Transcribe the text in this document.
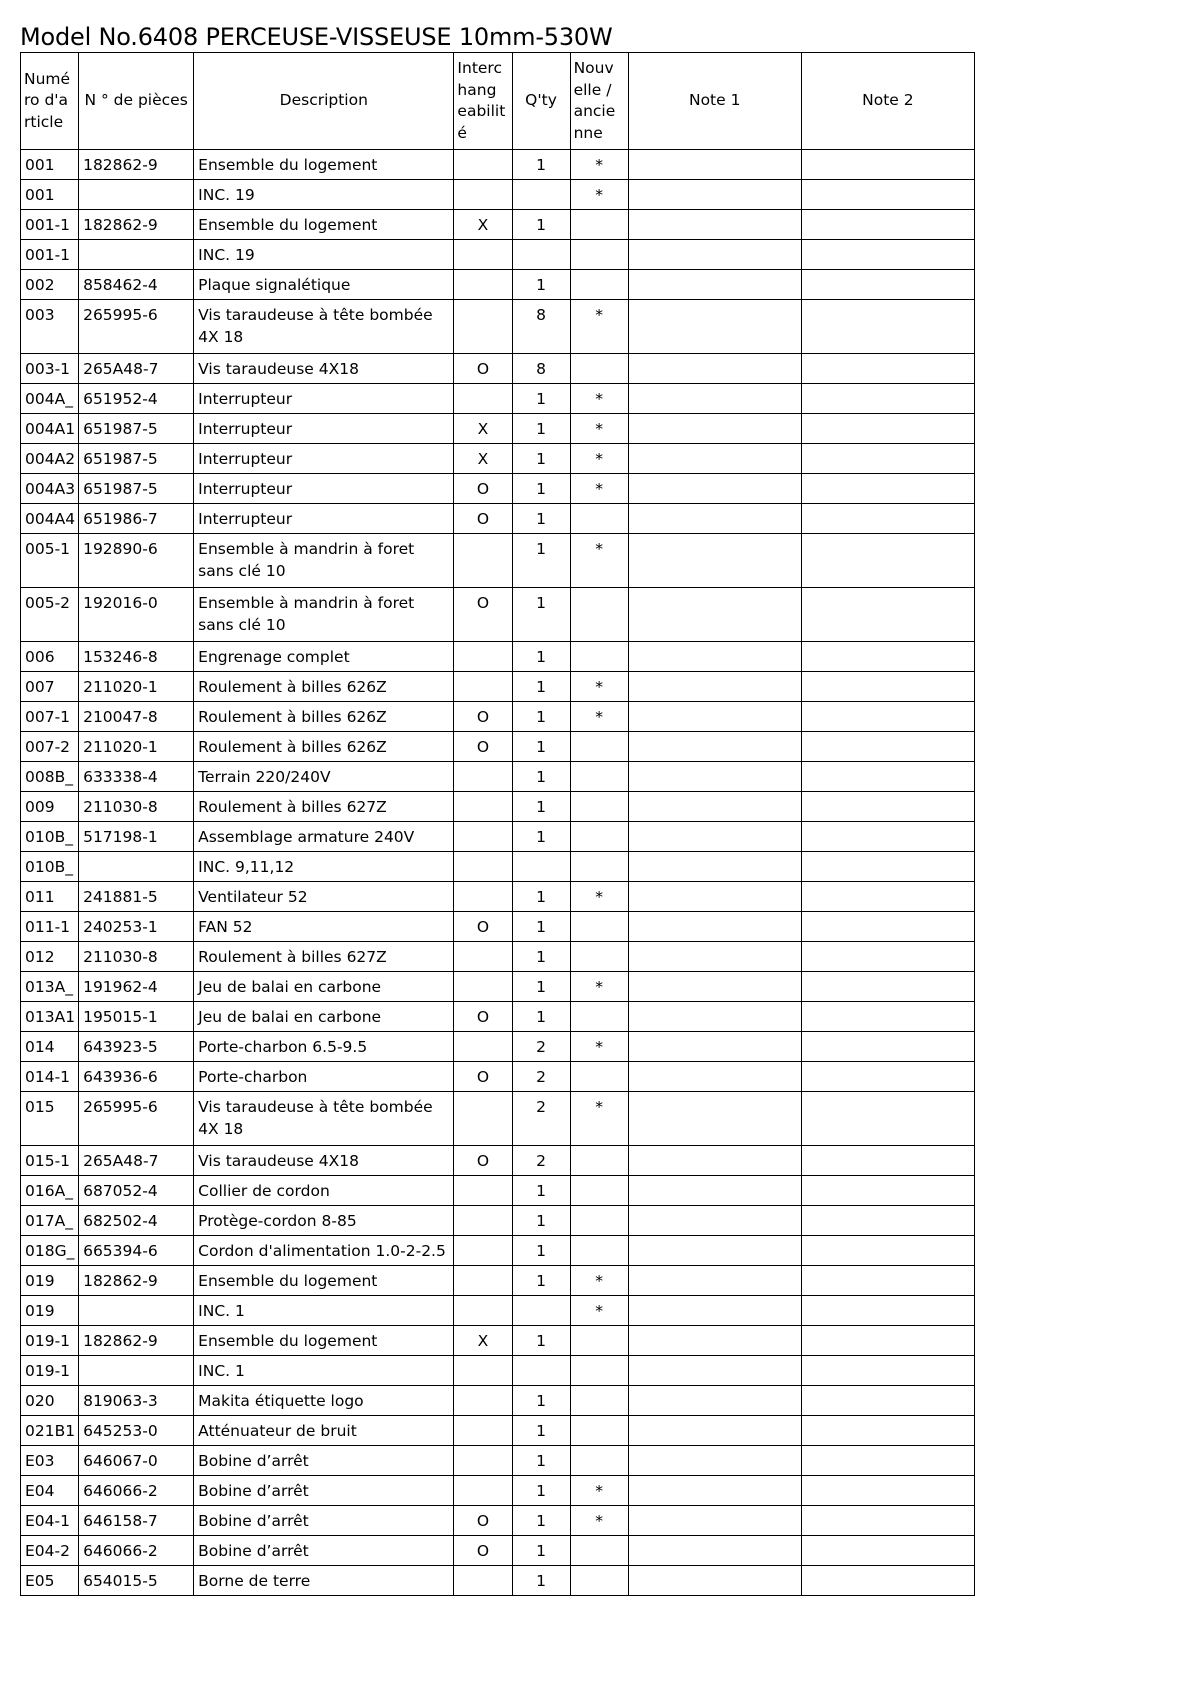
Model No.6408 PERCEUSE-VISSEUSE 10mm-530W
Numé ro d'a rticle	N ° de pièces	Description	Interc hang eabilit é	Q'ty	Nouv elle / ancie nne	Note 1	Note 2
001	182862-9	Ensemble du logement		1	*		
001		INC. 19			*		
001-1	182862-9	Ensemble du logement	X	1			
001-1		INC. 19					
002	858462-4	Plaque signalétique		1			
003	265995-6	Vis taraudeuse à tête bombée 4X 18		8	*		
003-1	265A48-7	Vis taraudeuse 4X18	O	8			
004A_	651952-4	Interrupteur		1	*		
004A1	651987-5	Interrupteur	X	1	*		
004A2	651987-5	Interrupteur	X	1	*		
004A3	651987-5	Interrupteur	O	1	*		
004A4	651986-7	Interrupteur	O	1			
005-1	192890-6	Ensemble à mandrin à foret sans clé 10		1	*		
005-2	192016-0	Ensemble à mandrin à foret sans clé 10	O	1			
006	153246-8	Engrenage complet		1			
007	211020-1	Roulement à billes 626Z		1	*		
007-1	210047-8	Roulement à billes 626Z	O	1	*		
007-2	211020-1	Roulement à billes 626Z	O	1			
008B_	633338-4	Terrain 220/240V		1			
009	211030-8	Roulement à billes 627Z		1			
010B_	517198-1	Assemblage armature 240V		1			
010B_		INC. 9,11,12					
011	241881-5	Ventilateur 52		1	*		
011-1	240253-1	FAN 52	O	1			
012	211030-8	Roulement à billes 627Z		1			
013A_	191962-4	Jeu de balai en carbone		1	*		
013A1	195015-1	Jeu de balai en carbone	O	1			
014	643923-5	Porte-charbon 6.5-9.5		2	*		
014-1	643936-6	Porte-charbon	O	2			
015	265995-6	Vis taraudeuse à tête bombée 4X 18		2	*		
015-1	265A48-7	Vis taraudeuse 4X18	O	2			
016A_	687052-4	Collier de cordon		1			
017A_	682502-4	Protège-cordon 8-85		1			
018G_	665394-6	Cordon d'alimentation 1.0-2-2.5		1			
019	182862-9	Ensemble du logement		1	*		
019		INC. 1			*		
019-1	182862-9	Ensemble du logement	X	1			
019-1		INC. 1					
020	819063-3	Makita étiquette logo		1			
021B1	645253-0	Atténuateur de bruit		1			
E03	646067-0	Bobine d’arrêt		1			
E04	646066-2	Bobine d’arrêt		1	*		
E04-1	646158-7	Bobine d’arrêt	O	1	*		
E04-2	646066-2	Bobine d’arrêt	O	1			
E05	654015-5	Borne de terre		1			
